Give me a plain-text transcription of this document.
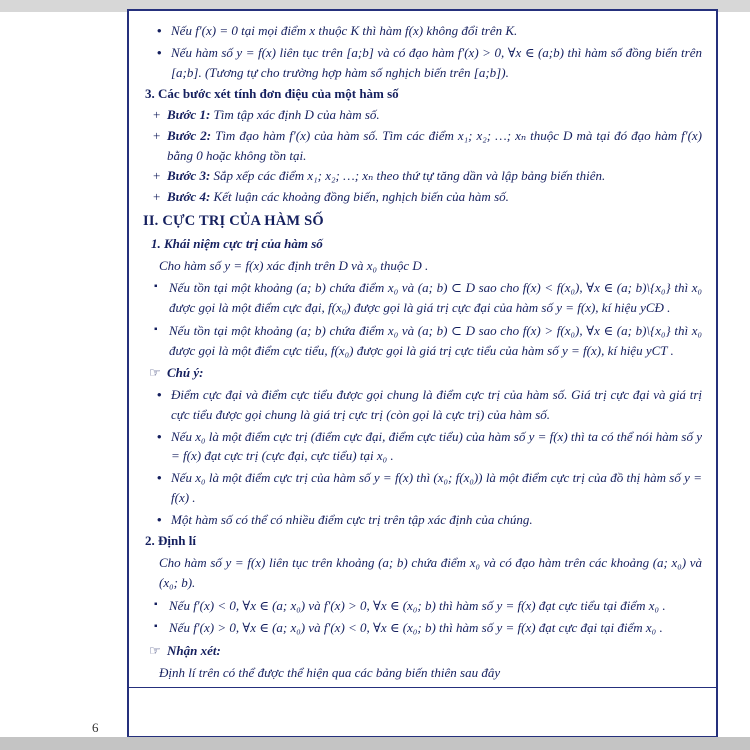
• Nếu f′(x) = 0 tại mọi điểm x thuộc K thì hàm f(x) không đổi trên K.
• Nếu hàm số y = f(x) liên tục trên [a;b] và có đạo hàm f′(x) > 0, ∀x ∈ (a;b) thì hàm số đồng biến trên [a;b]. (Tương tự cho trường hợp hàm số nghịch biến trên [a;b]).
3. Các bước xét tính đơn điệu của một hàm số
+ Bước 1: Tìm tập xác định D của hàm số.
+ Bước 2: Tìm đạo hàm f′(x) của hàm số. Tìm các điểm x₁; x₂; …; xₙ thuộc D mà tại đó đạo hàm f′(x) bằng 0 hoặc không tồn tại.
+ Bước 3: Sắp xếp các điểm x₁; x₂; …; xₙ theo thứ tự tăng dần và lập bảng biến thiên.
+ Bước 4: Kết luận các khoảng đồng biến, nghịch biến của hàm số.
II. CỰC TRỊ CỦA HÀM SỐ
1. Khái niệm cực trị của hàm số
Cho hàm số y = f(x) xác định trên D và x₀ thuộc D .
▪ Nếu tồn tại một khoảng (a; b) chứa điểm x₀ và (a; b) ⊂ D sao cho f(x) < f(x₀), ∀x ∈ (a; b)\{x₀} thì x₀ được gọi là một điểm cực đại, f(x₀) được gọi là giá trị cực đại của hàm số y = f(x), kí hiệu yCĐ .
▪ Nếu tồn tại một khoảng (a; b) chứa điểm x₀ và (a; b) ⊂ D sao cho f(x) > f(x₀), ∀x ∈ (a; b)\{x₀} thì x₀ được gọi là một điểm cực tiểu, f(x₀) được gọi là giá trị cực tiểu của hàm số y = f(x), kí hiệu yCT .
☞ Chú ý:
• Điểm cực đại và điểm cực tiểu được gọi chung là điểm cực trị của hàm số. Giá trị cực đại và giá trị cực tiểu được gọi chung là giá trị cực trị (còn gọi là cực trị) của hàm số.
• Nếu x₀ là một điểm cực trị (điểm cực đại, điểm cực tiểu) của hàm số y = f(x) thì ta có thể nói hàm số y = f(x) đạt cực trị (cực đại, cực tiểu) tại x₀ .
• Nếu x₀ là một điểm cực trị của hàm số y = f(x) thì (x₀; f(x₀)) là một điểm cực trị của đồ thị hàm số y = f(x) .
• Một hàm số có thể có nhiều điểm cực trị trên tập xác định của chúng.
2. Định lí
Cho hàm số y = f(x) liên tục trên khoảng (a; b) chứa điểm x₀ và có đạo hàm trên các khoảng (a; x₀) và (x₀; b).
▪ Nếu f′(x) < 0, ∀x ∈ (a; x₀) và f′(x) > 0, ∀x ∈ (x₀; b) thì hàm số y = f(x) đạt cực tiểu tại điểm x₀ .
▪ Nếu f′(x) > 0, ∀x ∈ (a; x₀) và f′(x) < 0, ∀x ∈ (x₀; b) thì hàm số y = f(x) đạt cực đại tại điểm x₀ .
☞ Nhận xét:
Định lí trên có thể được thể hiện qua các bảng biến thiên sau đây
6
